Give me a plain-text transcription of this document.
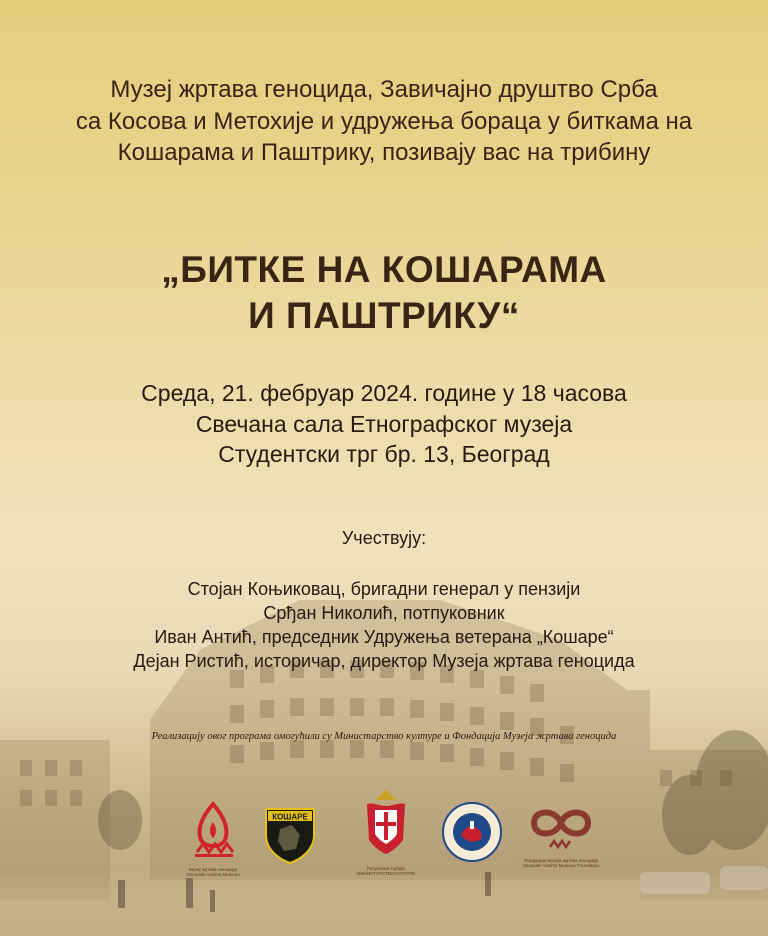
Музеј жртава геноцида, Завичајно друштво Срба
са Косова и Метохије и удружења бораца у биткама на
Кошарама и Паштрику, позивају вас на трибину
„БИТКЕ НА КОШАРАМА
И ПАШТРИКУ“
Среда, 21. фебруар 2024. године у 18 часова
Свечана сала Етнографског музеја
Студентски трг бр. 13, Београд
Учествују:
Стојан Коњиковац, бригадни генерал у пензији
Срђан Николић, потпуковник
Иван Антић, председник Удружења ветерана „Кошаре“
Дејан Ристић, историчар, директор Музеја жртава геноцида
Реализацију овог програма омогућили су Министарство културе и Фондација Музеја жртава геноцида
Музеј жртава геноцида
Genocide Victims Museum
КОШАРЕ
Република Србија
МИНИСТАРСТВО КУЛТУРЕ
Фондација Музеја жртава геноцида
Genocide Victims Museum Foundation
